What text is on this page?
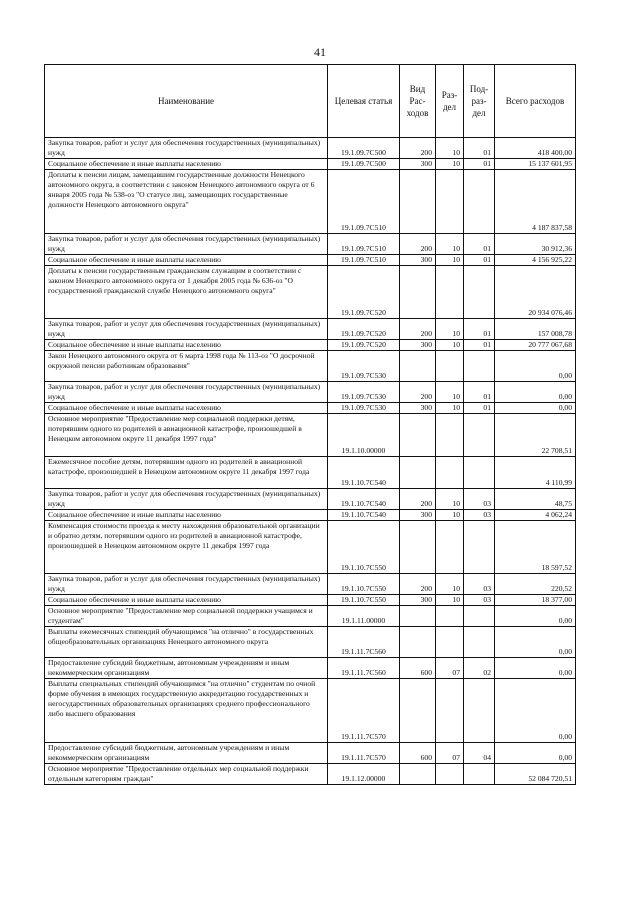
41
Наименование	Целевая статья	Вид Рас- ходов	Раз- дел	Под- раз- дел	Всего расходов
Закупка товаров, работ и услуг для обеспечения государственных (муниципальных) нужд	19.1.09.7С500	200	10	01	418 400,00
Социальное обеспечение и иные выплаты населению	19.1.09.7С500	300	10	01	15 137 601,95
Доплаты к пенсии лицам, замещавшим государственные должности Ненецкого автономного округа, в соответствии с законом Ненецкого автономного округа от 6 января 2005 года № 538-оз "О статусе лиц, замещающих государственные должности Ненецкого автономного округа"	19.1.09.7С510				4 187 837,58
Закупка товаров, работ и услуг для обеспечения государственных (муниципальных) нужд	19.1.09.7С510	200	10	01	30 912,36
Социальное обеспечение и иные выплаты населению	19.1.09.7С510	300	10	01	4 156 925,22
Доплаты к пенсии государственным гражданским служащим в соответствии с законом Ненецкого автономного округа от 1 декабря 2005 года № 636-оз "О государственной гражданской службе Ненецкого автономного округа"	19.1.09.7С520				20 934 076,46
Закупка товаров, работ и услуг для обеспечения государственных (муниципальных) нужд	19.1.09.7С520	200	10	01	157 008,78
Социальное обеспечение и иные выплаты населению	19.1.09.7С520	300	10	01	20 777 067,68
Закон Ненецкого автономного округа от 6 марта 1998 года № 113-оз "О досрочной окружной пенсии работникам образования"	19.1.09.7С530				0,00
Закупка товаров, работ и услуг для обеспечения государственных (муниципальных) нужд	19.1.09.7С530	200	10	01	0,00
Социальное обеспечение и иные выплаты населению	19.1.09.7С530	300	10	01	0,00
Основное мероприятие "Предоставление мер социальной поддержки детям, потерявшим одного из родителей в авиационной катастрофе, произошедшей в Ненецком автономном округе 11 декабря 1997 года"	19.1.10.00000				22 708,51
Ежемесячное пособие детям, потерявшим одного из родителей в авиационной катастрофе, произошедшей в Ненецком автономном округе 11 декабря 1997 года	19.1.10.7С540				4 110,99
Закупка товаров, работ и услуг для обеспечения государственных (муниципальных) нужд	19.1.10.7С540	200	10	03	48,75
Социальное обеспечение и иные выплаты населению	19.1.10.7С540	300	10	03	4 062,24
Компенсация стоимости проезда к месту нахождения образовательной организации и обратно детям, потерявшим одного из родителей в авиационной катастрофе, произошедшей в Ненецком автономном округе 11 декабря 1997 года	19.1.10.7С550				18 597,52
Закупка товаров, работ и услуг для обеспечения государственных (муниципальных) нужд	19.1.10.7С550	200	10	03	220,52
Социальное обеспечение и иные выплаты населению	19.1.10.7С550	300	10	03	18 377,00
Основное мероприятие "Предоставление мер социальной поддержки учащимся и студентам"	19.1.11.00000				0,00
Выплаты ежемесячных стипендий обучающимся "на отлично" в государственных общеобразовательных организациях Ненецкого автономного округа	19.1.11.7С560				0,00
Предоставление субсидий бюджетным, автономным учреждениям и иным некоммерческим организациям	19.1.11.7С560	600	07	02	0,00
Выплаты специальных стипендий обучающимся "на отлично" студентам по очной форме обучения в имеющих государственную аккредитацию государственных и негосударственных образовательных организациях среднего профессионального либо высшего образования	19.1.11.7С570				0,00
Предоставление субсидий бюджетным, автономным учреждениям и иным некоммерческим организациям	19.1.11.7С570	600	07	04	0,00
Основное мероприятие "Предоставление отдельных мер социальной поддержки отдельным категориям граждан"	19.1.12.00000				52 084 720,51
